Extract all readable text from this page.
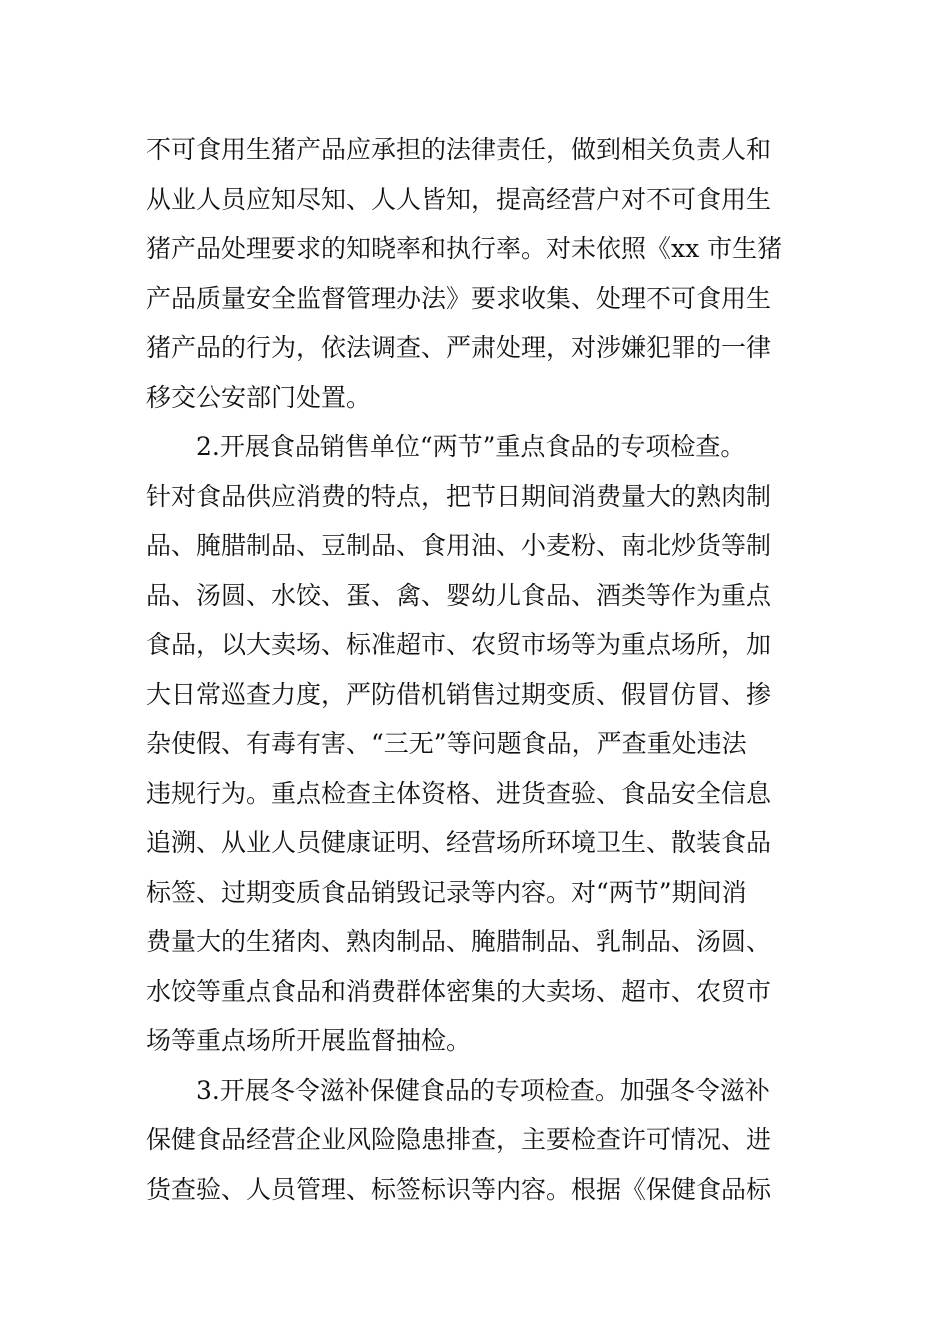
不可食用生猪产品应承担的法律责任，做到相关负责人和
从业人员应知尽知、人人皆知，提高经营户对不可食用生
猪产品处理要求的知晓率和执行率。对未依照《xx 市生猪
产品质量安全监督管理办法》要求收集、处理不可食用生
猪产品的行为，依法调查、严肃处理，对涉嫌犯罪的一律
移交公安部门处置。
　　2.开展食品销售单位“两节”重点食品的专项检查。
针对食品供应消费的特点，把节日期间消费量大的熟肉制
品、腌腊制品、豆制品、食用油、小麦粉、南北炒货等制
品、汤圆、水饺、蛋、禽、婴幼儿食品、酒类等作为重点
食品，以大卖场、标准超市、农贸市场等为重点场所，加
大日常巡查力度，严防借机销售过期变质、假冒仿冒、掺
杂使假、有毒有害、“三无”等问题食品，严查重处违法
违规行为。重点检查主体资格、进货查验、食品安全信息
追溯、从业人员健康证明、经营场所环境卫生、散装食品
标签、过期变质食品销毁记录等内容。对“两节”期间消
费量大的生猪肉、熟肉制品、腌腊制品、乳制品、汤圆、
水饺等重点食品和消费群体密集的大卖场、超市、农贸市
场等重点场所开展监督抽检。
　　3.开展冬令滋补保健食品的专项检查。加强冬令滋补
保健食品经营企业风险隐患排查，主要检查许可情况、进
货查验、人员管理、标签标识等内容。根据《保健食品标
